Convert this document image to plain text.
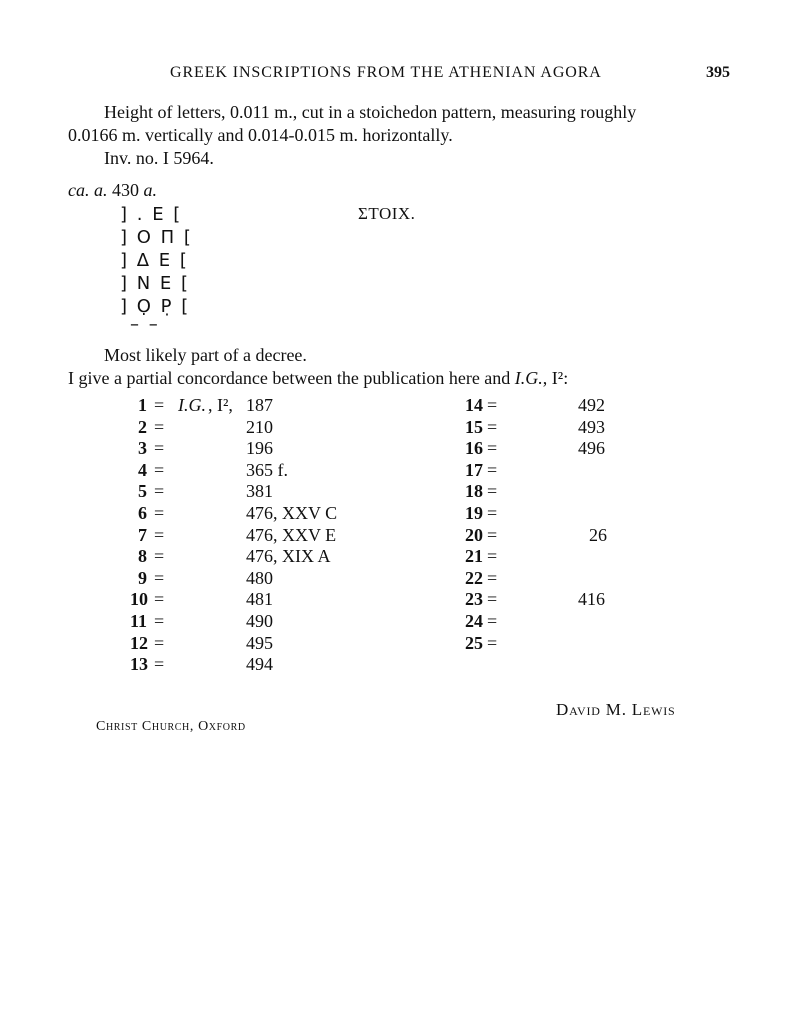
GREEK INSCRIPTIONS FROM THE ATHENIAN AGORA	395
Height of letters, 0.011 m., cut in a stoichedon pattern, measuring roughly
0.0166 m. vertically and 0.014-0.015 m. horizontally.
Inv. no. I 5964.
ca. a. 430 a.
] . E [
] Ο Π [
] Δ Ε [
] Ν Ε [
] Ọ Ρ̣ [
– –
ΣΤΟΙΧ.
Most likely part of a decree.
I give a partial concordance between the publication here and I.G., I²:
1 = I.G. , I², 187
2 =	210
3 =	196
4 =	365 f.
5 =	381
6 =	476, XXV C
7 =	476, XXV E
8 =	476, XIX A
9 =	480
10 =	481
11 =	490
12 =	495
13 =	494
14 =	492
15 =	493
16 =	496
17 =
18 =
19 =
20 =	26
21 =
22 =
23 =	416
24 =
25 =
David M. Lewis
Christ Church, Oxford
